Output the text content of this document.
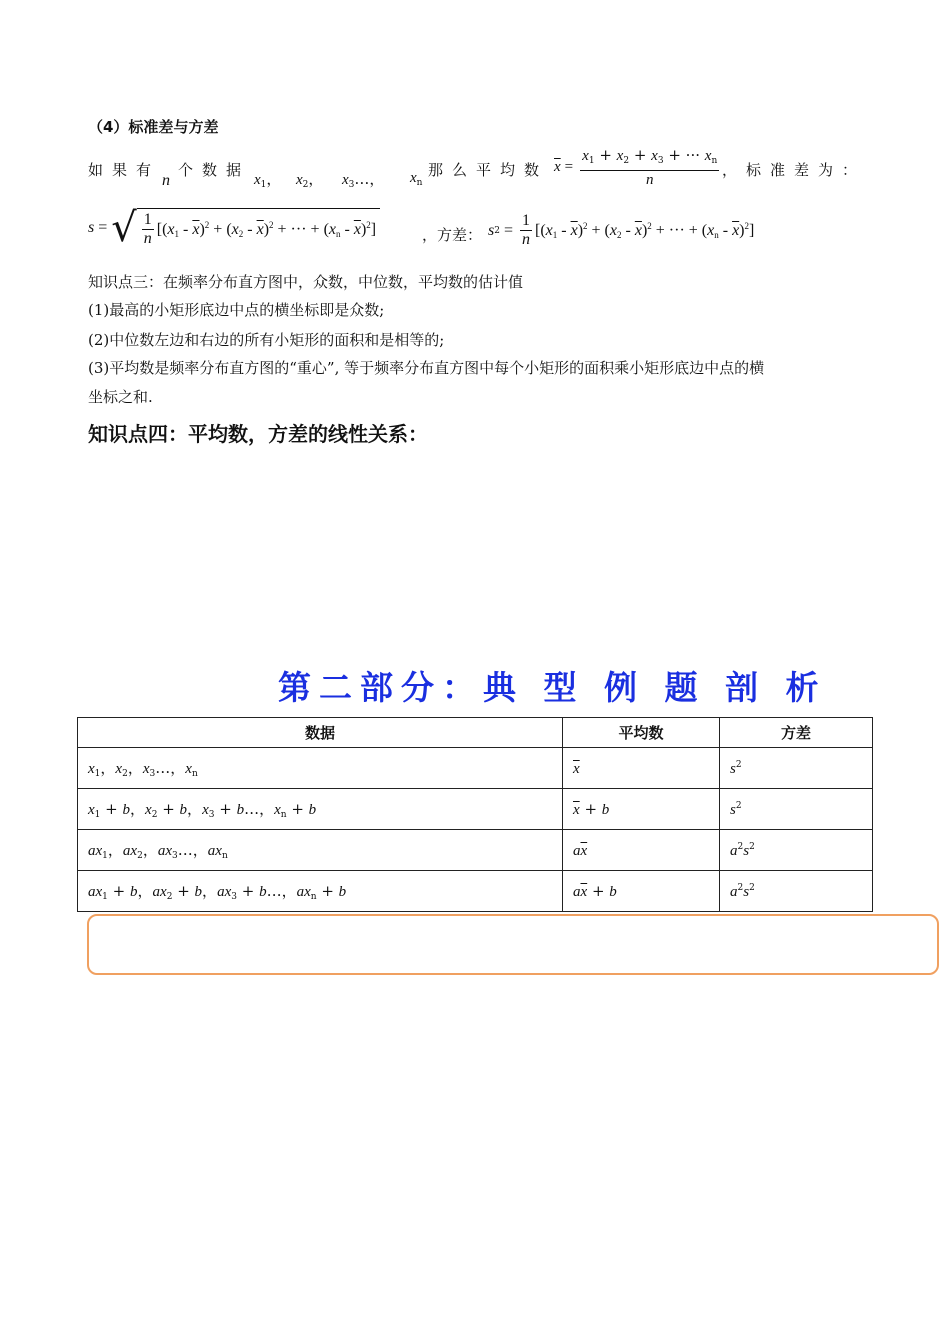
（4）标准差与方差
如果有
n
个数据
$x_1$， $x_2$， $x_3\dots$， $x_n$
那么平均数 $\overline{x} = \frac{x_1 + x_2 + x_3 + \cdot\cdot\cdot x_n}{n}$ ，标准差为：
s = √ $\frac{1}{n} [(x_1 - \overline{x})^2 + (x_2 - \overline{x})^2$ + ··· + $(x_n - \overline{x})^2$]	，方差： s $2 = \frac{1}{n} [(x_1 - \overline{x})^2 + (x_2 - \overline{x})^2$ + ··· + $(x_n - \overline{x})^2$]
知识点三：在频率分布直方图中，众数，中位数，平均数的估计值
(1)最高的小矩形底边中点的横坐标即是众数;
(2)中位数左边和右边的所有小矩形的面积和是相等的;
(3)平均数是频率分布直方图的“重心”, 等于频率分布直方图中每个小矩形的面积乘小矩形底边中点的横
坐标之和.
知识点四：平均数，方差的线性关系：
第二部分：典 型 例 题 剖 析
数据	平均数	方差
$x_1$，$x_2$，$x_3\dots$，$x_n$	$\overline{x}$	$s^2$
$x_1 + b$，$x_2 + b$，$x_3$ + b…，$x_n + b$	$\overline{x} + b$	$s^2$
$ax_1$，$ax_2$，$ax_3\dots$，$ax_n$	$a\overline{x}$	$a^2s^2$
$ax_1 + b$，$ax_2 + b$，$ax_3$ + b…，$ax_n + b$	$a\overline{x} + b$	$a^2s^2$
